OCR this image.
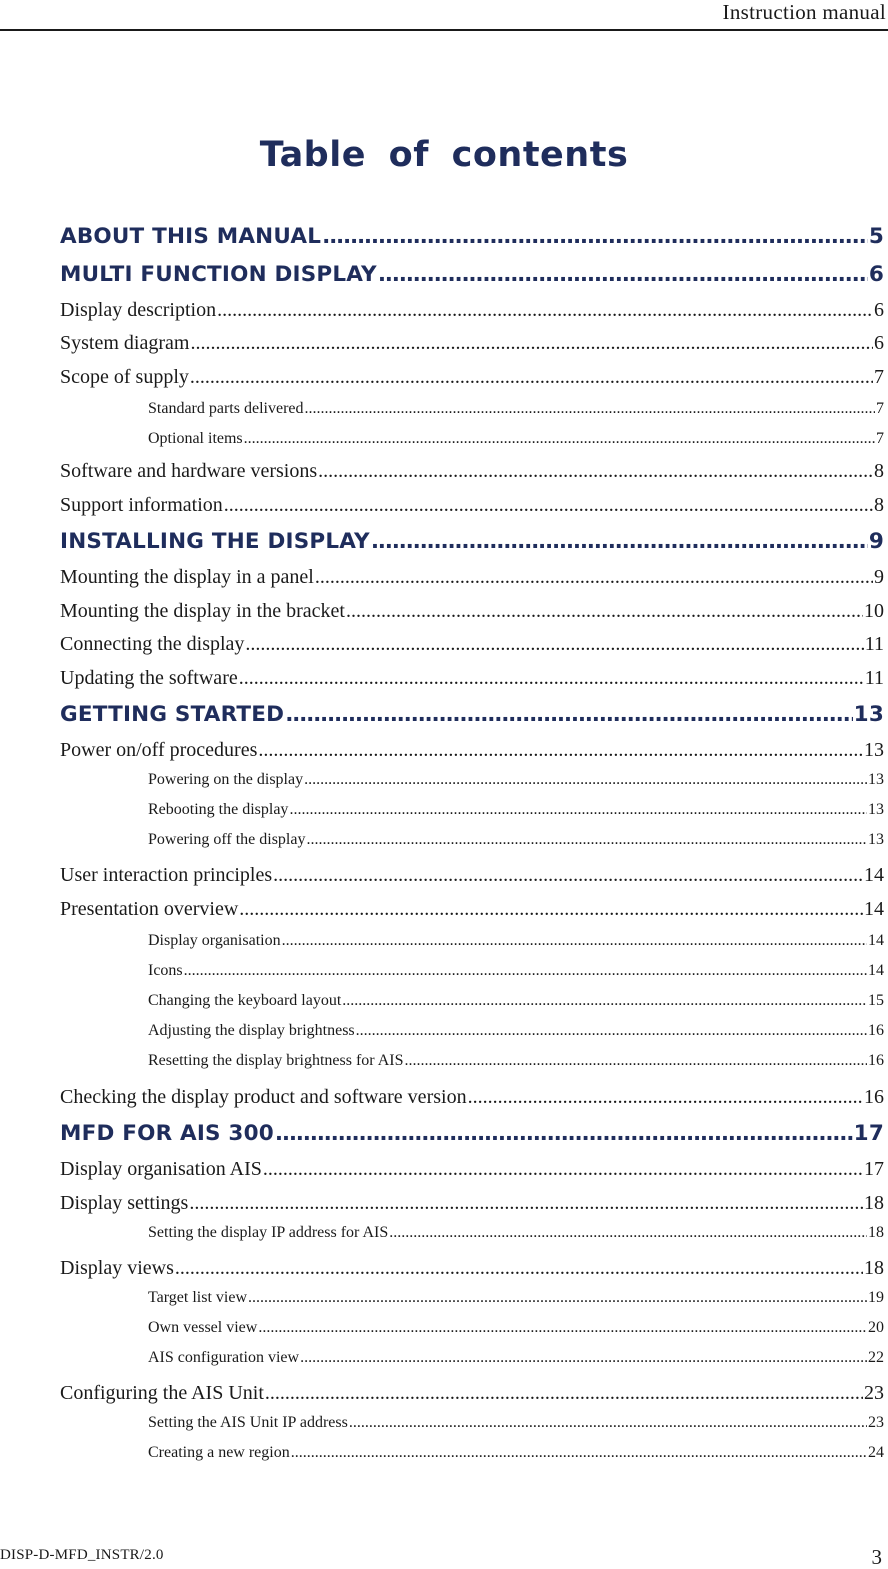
Instruction manual
Table of contents
ABOUT THIS MANUAL .....	5
MULTI FUNCTION DISPLAY .....	6
Display description .....	6
System diagram .....	6
Scope of supply .....	7
Standard parts delivered .....	7
Optional items .....	7
Software and hardware versions .....	8
Support information .....	8
INSTALLING THE DISPLAY .....	9
Mounting the display in a panel .....	9
Mounting the display in the bracket .....	10
Connecting the display .....	11
Updating the software .....	11
GETTING STARTED .....	13
Power on/off procedures .....	13
Powering on the display .....	13
Rebooting the display .....	13
Powering off the display .....	13
User interaction principles .....	14
Presentation overview .....	14
Display organisation .....	14
Icons .....	14
Changing the keyboard layout .....	15
Adjusting the display brightness .....	16
Resetting the display brightness for AIS .....	16
Checking the display product and software version .....	16
MFD FOR AIS 300 .....	17
Display organisation AIS .....	17
Display settings .....	18
Setting the display IP address for AIS .....	18
Display views .....	18
Target list view .....	19
Own vessel view .....	20
AIS configuration view .....	22
Configuring the AIS Unit .....	23
Setting the AIS Unit IP address .....	23
Creating a new region .....	24
DISP-D-MFD_INSTR/2.0	3
